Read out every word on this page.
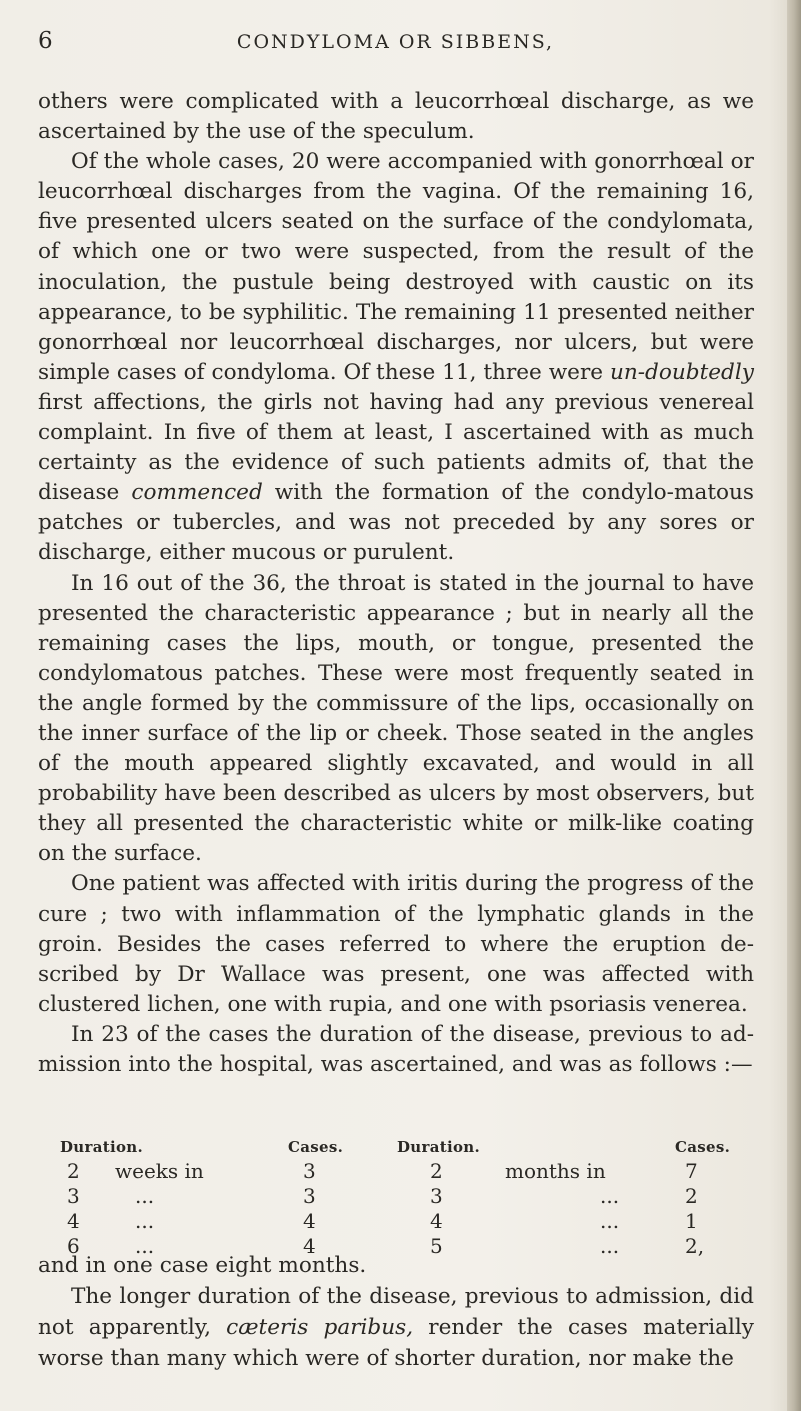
6	CONDYLOMA OR SIBBENS,

others were complicated with a leucorrhœal discharge, as we ascertained by the use of the speculum.

Of the whole cases, 20 were accompanied with gonorrhœal or leucorrhœal discharges from the vagina. Of the remaining 16, five presented ulcers seated on the surface of the condylomata, of which one or two were suspected, from the result of the inoculation, the pustule being destroyed with caustic on its appearance, to be syphilitic. The remaining 11 presented neither gonorrhœal nor leucorrhœal discharges, nor ulcers, but were simple cases of condyloma. Of these 11, three were un-doubtedly first affections, the girls not having had any previous venereal complaint. In five of them at least, I ascertained with as much certainty as the evidence of such patients admits of, that the disease commenced with the formation of the condylo-matous patches or tubercles, and was not preceded by any sores or discharge, either mucous or purulent.

In 16 out of the 36, the throat is stated in the journal to have presented the characteristic appearance ; but in nearly all the remaining cases the lips, mouth, or tongue, presented the condylomatous patches. These were most frequently seated in the angle formed by the commissure of the lips, occasionally on the inner surface of the lip or cheek. Those seated in the angles of the mouth appeared slightly excavated, and would in all probability have been described as ulcers by most observers, but they all presented the characteristic white or milk-like coating on the surface.

One patient was affected with iritis during the progress of the cure ; two with inflammation of the lymphatic glands in the groin. Besides the cases referred to where the eruption de-scribed by Dr Wallace was present, one was affected with clustered lichen, one with rupia, and one with psoriasis venerea.

In 23 of the cases the duration of the disease, previous to ad-mission into the hospital, was ascertained, and was as follows :—

Duration.	Cases.	Duration.	Cases.
2 weeks in	3	2	months in	7
3	...	3	3	...	2
4	...	4	4	...	1
6	...	4	5	...	2,

and in one case eight months.

The longer duration of the disease, previous to admission, did not apparently, cæteris paribus, render the cases materially worse than many which were of shorter duration, nor make the
